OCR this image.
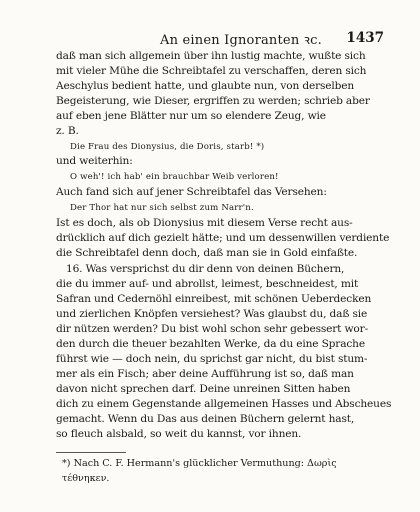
An einen Ignoranten ꝛc. 1437
daß man sich allgemein über ihn lustig machte, wußte sich
mit vieler Mühe die Schreibtafel zu verschaffen, deren sich
Aeschylus bedient hatte, und glaubte nun, von derselben
Begeisterung, wie Dieser, ergriffen zu werden; schrieb aber
auf eben jene Blätter nur um so elendere Zeug, wie
z. B.
Die Frau des Dionysius, die Doris, starb! *)
und weiterhin:
O weh'! ich hab' ein brauchbar Weib verloren!
Auch fand sich auf jener Schreibtafel das Versehen:
Der Thor hat nur sich selbst zum Narr'n.
Ist es doch, als ob Dionysius mit diesem Verse recht aus-
drücklich auf dich gezielt hätte; und um dessenwillen verdiente
die Schreibtafel denn doch, daß man sie in Gold einfaßte.
16. Was versprichst du dir denn von deinen Büchern,
die du immer auf- und abrollst, leimest, beschneidest, mit
Safran und Cedernöhl einreibest, mit schönen Ueberdecken
und zierlichen Knöpfen versiehest? Was glaubst du, daß sie
dir nützen werden? Du bist wohl schon sehr gebessert wor-
den durch die theuer bezahlten Werke, da du eine Sprache
führst wie — doch nein, du sprichst gar nicht, du bist stum-
mer als ein Fisch; aber deine Aufführung ist so, daß man
davon nicht sprechen darf. Deine unreinen Sitten haben
dich zu einem Gegenstande allgemeinen Hasses und Abscheues
gemacht. Wenn du Das aus deinen Büchern gelernt hast,
so fleuch alsbald, so weit du kannst, vor ihnen.
*) Nach C. F. Hermann's glücklicher Vermuthung: Δωρὶς
τέθνηκεν.
